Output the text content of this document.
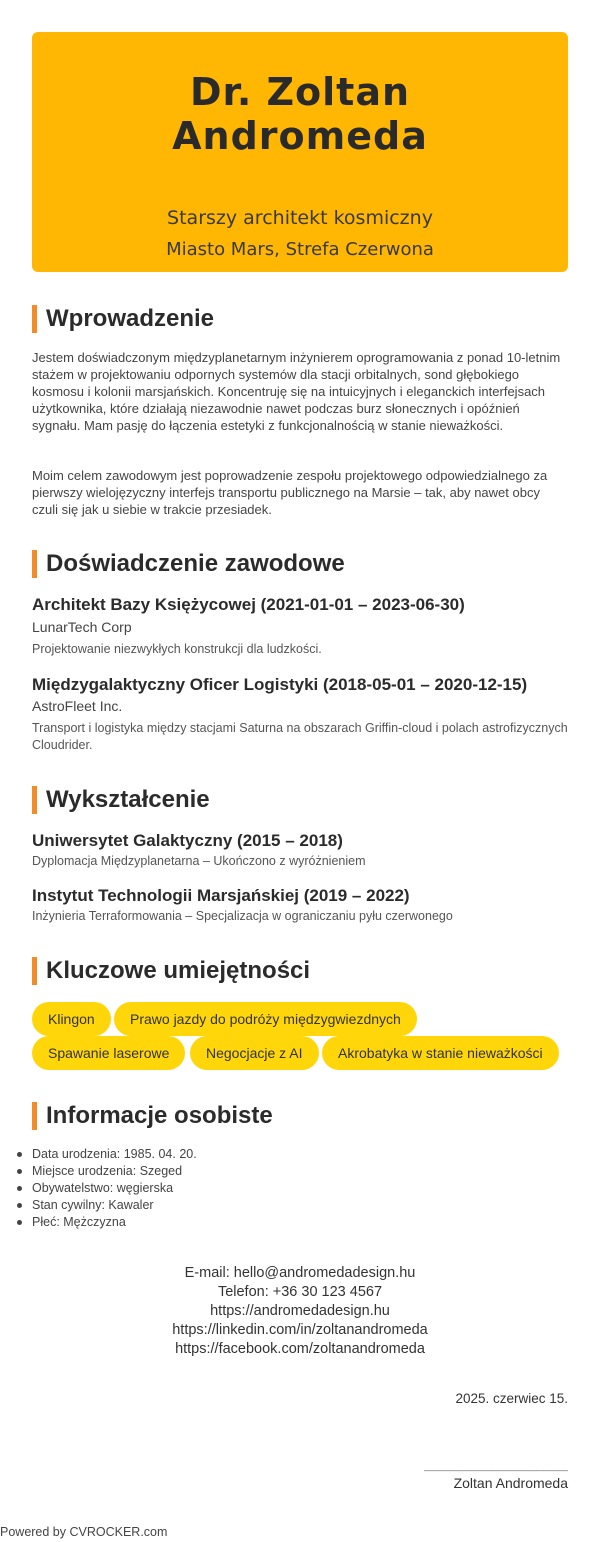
Dr. Zoltan
Andromeda
Starszy architekt kosmiczny
Miasto Mars, Strefa Czerwona
Wprowadzenie
Jestem doświadczonym międzyplanetarnym inżynierem oprogramowania z ponad 10-letnim stażem w projektowaniu odpornych systemów dla stacji orbitalnych, sond głębokiego kosmosu i kolonii marsjańskich. Koncentruję się na intuicyjnych i eleganckich interfejsach użytkownika, które działają niezawodnie nawet podczas burz słonecznych i opóźnień sygnału. Mam pasję do łączenia estetyki z funkcjonalnością w stanie nieważkości.
Moim celem zawodowym jest poprowadzenie zespołu projektowego odpowiedzialnego za pierwszy wielojęzyczny interfejs transportu publicznego na Marsie – tak, aby nawet obcy czuli się jak u siebie w trakcie przesiadek.
Doświadczenie zawodowe
Architekt Bazy Księżycowej (2021-01-01 – 2023-06-30)
LunarTech Corp
Projektowanie niezwykłych konstrukcji dla ludzkości.
Międzygalaktyczny Oficer Logistyki (2018-05-01 – 2020-12-15)
AstroFleet Inc.
Transport i logistyka między stacjami Saturna na obszarach Griffin-cloud i polach astrofizycznych Cloudrider.
Wykształcenie
Uniwersytet Galaktyczny (2015 – 2018)
Dyplomacja Międzyplanetarna – Ukończono z wyróżnieniem
Instytut Technologii Marsjańskiej (2019 – 2022)
Inżynieria Terraformowania – Specjalizacja w ograniczaniu pyłu czerwonego
Kluczowe umiejętności
Klingon	Prawo jazdy do podróży międzygwiezdnych
Spawanie laserowe	Negocjacje z AI	Akrobatyka w stanie nieważkości
Informacje osobiste
Data urodzenia: 1985. 04. 20.
Miejsce urodzenia: Szeged
Obywatelstwo: węgierska
Stan cywilny: Kawaler
Płeć: Mężczyzna
E-mail: hello@andromedadesign.hu
Telefon: +36 30 123 4567
https://andromedadesign.hu
https://linkedin.com/in/zoltanandromeda
https://facebook.com/zoltanandromeda
2025. czerwiec 15.
____________________
Zoltan Andromeda
Powered by CVROCKER.com
